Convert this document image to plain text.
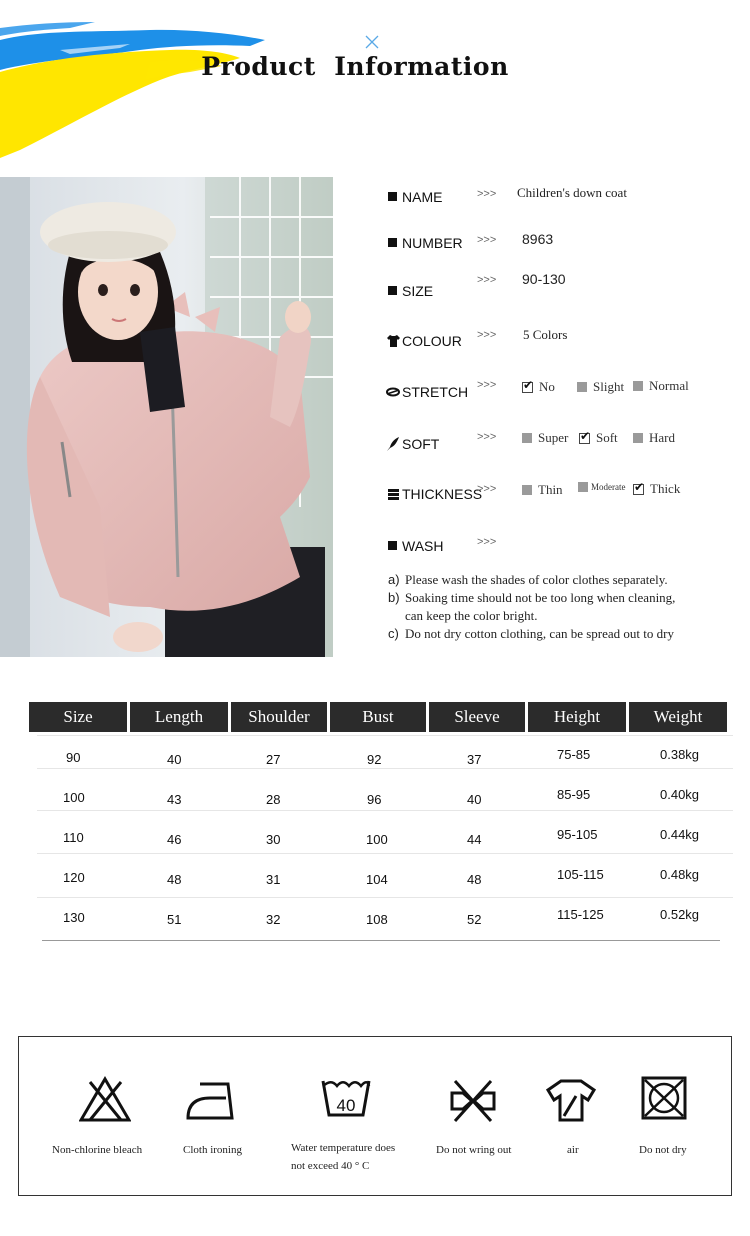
Product  Information
NAME	>>> Children's down coat
NUMBER >>> 8963
SIZE
>>> 90-130
COLOUR >>> 5 Colors
STRETCH >>> ✔	No	Slight Normal
SOFT	>>>	Super ✔ Soft Hard
THICKNESS
>>>	Thin	Moderate ✔ Thick
WASH	>>>
a) Please wash the shades of color clothes separately.
b) Soaking time should not be too long when cleaning,
can keep the color bright.
c) Do not dry cotton clothing, can be spread out to dry
Size	Length	Shoulder	Bust	Sleeve	Height	Weight
90	40	27	92	37	75-85	0.38kg
100	43	28	96	40	85-95	0.40kg
110	46	30	100	44	95-105	0.44kg
120	48	31	104	48	105-115	0.48kg
130	51	32	108	52	115-125	0.52kg
Non-chlorine bleach	Cloth ironing
40
Water temperature does
not exceed 40 ° C
Do not wring out	air	Do not dry
